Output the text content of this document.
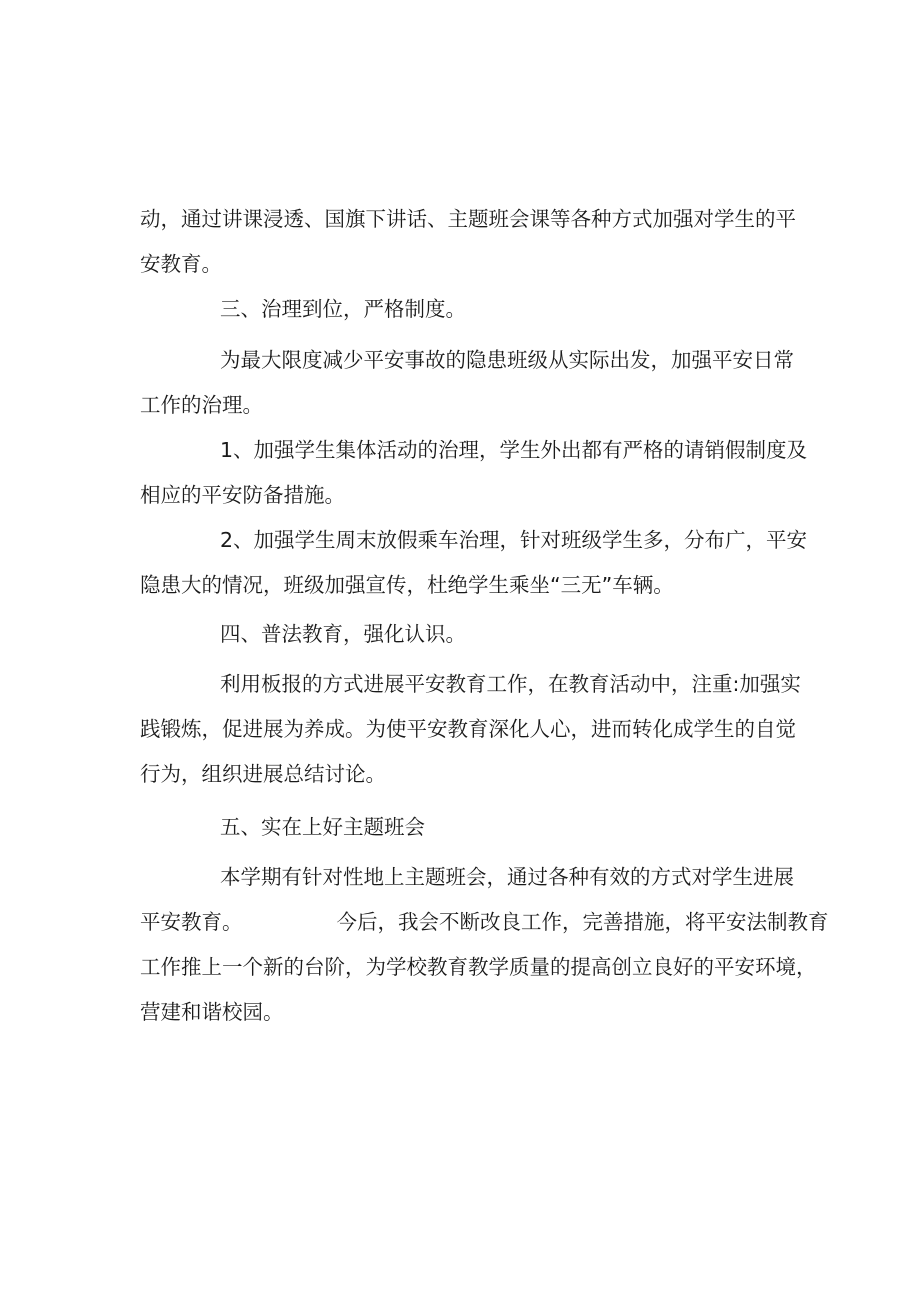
动，通过讲课浸透、国旗下讲话、主题班会课等各种方式加强对学生的平
安教育。

三、治理到位，严格制度。

为最大限度减少平安事故的隐患班级从实际出发，加强平安日常
工作的治理。

1、加强学生集体活动的治理，学生外出都有严格的请销假制度及
相应的平安防备措施。

2、加强学生周末放假乘车治理，针对班级学生多，分布广，平安
隐患大的情况，班级加强宣传，杜绝学生乘坐“三无”车辆。

四、普法教育，强化认识。

利用板报的方式进展平安教育工作，在教育活动中，注重:加强实
践锻炼，促进展为养成。为使平安教育深化人心，进而转化成学生的自觉
行为，组织进展总结讨论。

五、实在上好主题班会

本学期有针对性地上主题班会，通过各种有效的方式对学生进展
平安教育。	今后，我会不断改良工作，完善措施，将平安法制教育
工作推上一个新的台阶，为学校教育教学质量的提高创立良好的平安环境，
营建和谐校园。
